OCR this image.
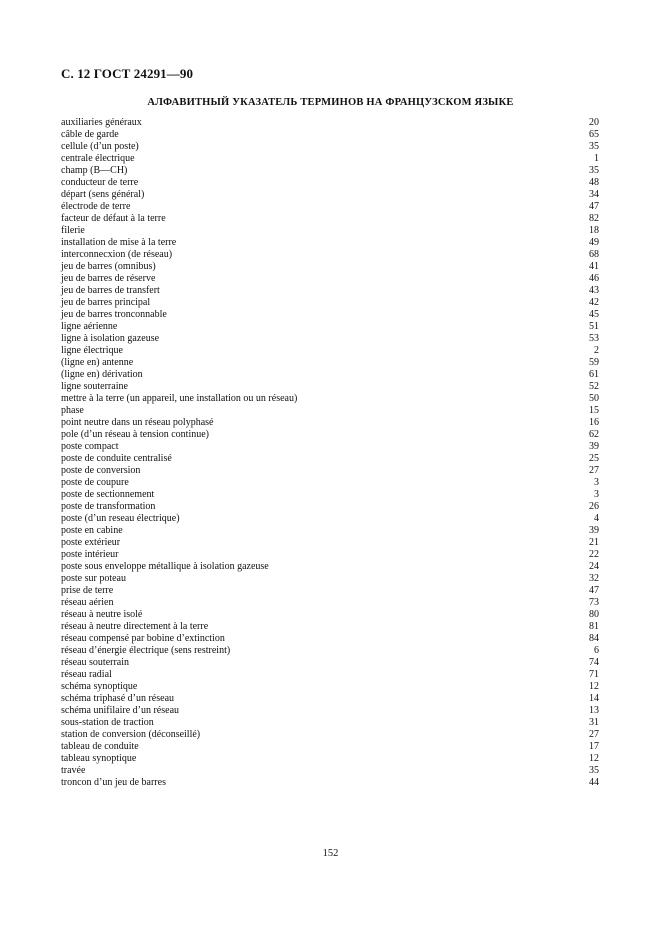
С. 12 ГОСТ 24291—90
АЛФАВИТНЫЙ УКАЗАТЕЛЬ ТЕРМИНОВ НА ФРАНЦУЗСКОМ ЯЗЫКЕ
auxiliaries généraux	20
câble de garde	65
cellule (d’un poste)	35
centrale électrique	1
champ (B—CH)	35
conducteur de terre	48
départ (sens général)	34
électrode de terre	47
facteur de défaut à la terre	82
filerie	18
installation de mise à la terre	49
interconnecxion (de réseau)	68
jeu de barres (omnibus)	41
jeu de barres de réserve	46
jeu de barres de transfert	43
jeu de barres principal	42
jeu de barres tronconnable	45
ligne aérienne	51
ligne à isolation gazeuse	53
ligne électrique	2
(ligne en) antenne	59
(ligne en) dérivation	61
ligne souterraine	52
mettre à la terre (un appareil, une installation ou un réseau)	50
phase	15
point neutre dans un réseau polyphasé	16
pole (d’un réseau à tension continue)	62
poste compact	39
poste de conduite centralisé	25
poste de conversion	27
poste de coupure	3
poste de sectionnement	3
poste de transformation	26
poste (d’un reseau électrique)	4
poste en cabine	39
poste extérieur	21
poste intérieur	22
poste sous enveloppe métallique à isolation gazeuse	24
poste sur poteau	32
prise de terre	47
réseau aérien	73
réseau à neutre isolé	80
réseau à neutre directement à la terre	81
réseau compensé par bobine d’extinction	84
réseau d’énergie électrique (sens restreint)	6
réseau souterrain	74
réseau radial	71
schéma synoptique	12
schéma triphasé d’un réseau	14
schéma unifilaire d’un réseau	13
sous-station de traction	31
station de conversion (déconseillé)	27
tableau de conduite	17
tableau synoptique	12
travée	35
troncon d’un jeu de barres	44
152
